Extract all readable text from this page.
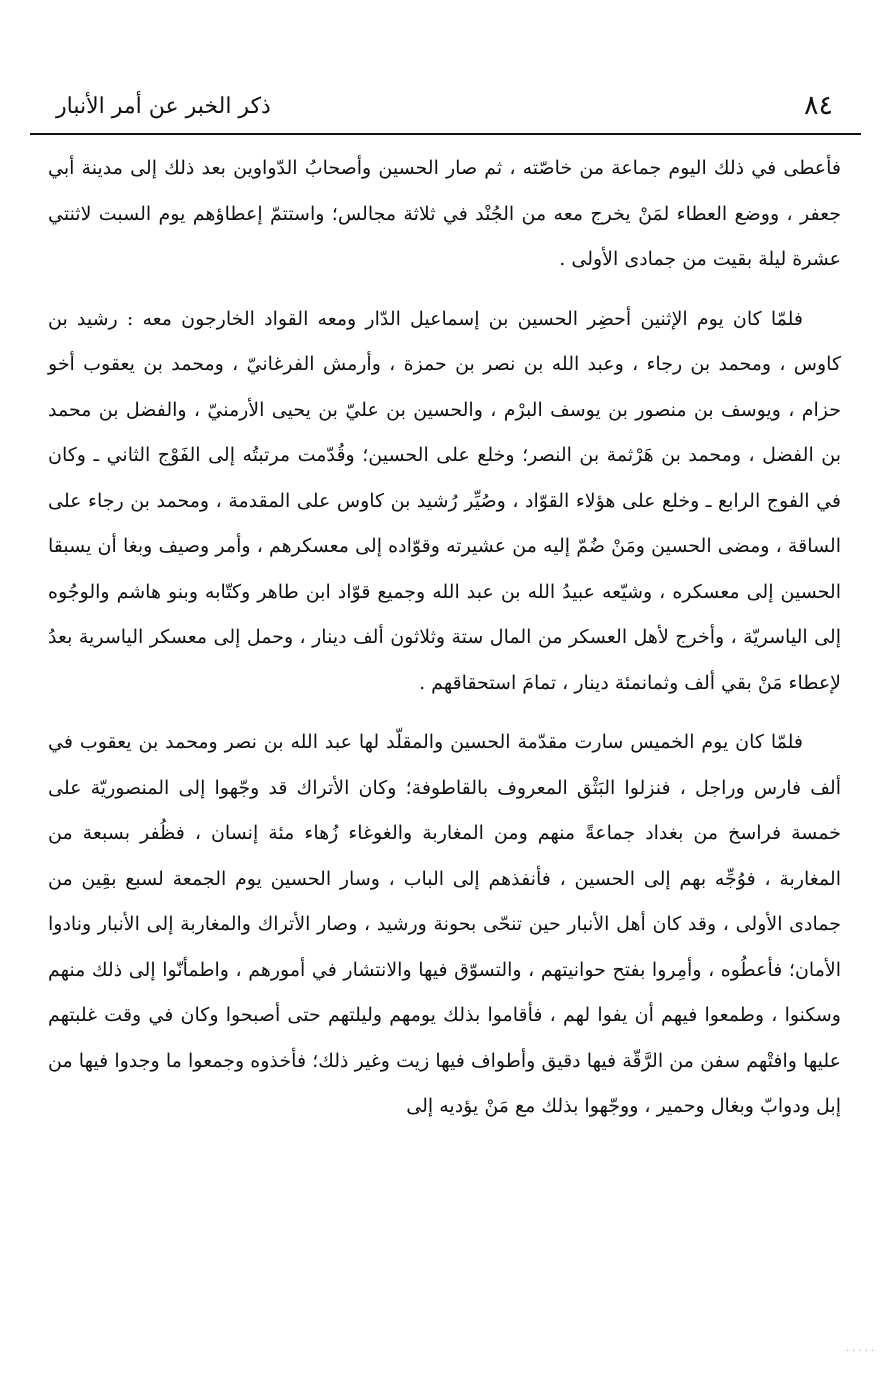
٨٤
ذكر الخبر عن أمر الأنبار

فأعطى في ذلك اليوم جماعة من خاصّته ، ثم صار الحسين وأصحابُ الدّواوين بعد ذلك إلى مدينة أبي جعفر ، ووضع العطاء لمَنْ يخرج معه من الجُنْد في ثلاثة مجالس؛ واستتمّ إعطاؤهم يوم السبت لاثنتي عشرة ليلة بقيت من جمادى الأولى .

فلمّا كان يوم الإثنين أحضِر الحسين بن إسماعيل الدّار ومعه القواد الخارجون معه : رشيد بن كاوس ، ومحمد بن رجاء ، وعبد الله بن نصر بن حمزة ، وأرمش الفرغانيّ ، ومحمد بن يعقوب أخو حزام ، ويوسف بن منصور بن يوسف البرْم ، والحسين بن عليّ بن يحيى الأرمنيّ ، والفضل بن محمد بن الفضل ، ومحمد بن هَرْثمة بن النصر؛ وخلع على الحسين؛ وقُدّمت مرتبتُه إلى الفَوْج الثاني ـ وكان في الفوج الرابع ـ وخلع على هؤلاء القوّاد ، وصُيِّر رُشيد بن كاوس على المقدمة ، ومحمد بن رجاء على الساقة ، ومضى الحسين ومَنْ ضُمّ إليه من عشيرته وقوّاده إلى معسكرهم ، وأمر وصيف وبغا أن يسبقا الحسين إلى معسكره ، وشيّعه عبيدُ الله بن عبد الله وجميع قوّاد ابن طاهر وكتّابه وبنو هاشم والوجُوه إلى الياسريّة ، وأخرج لأهل العسكر من المال ستة وثلاثون ألف دينار ، وحمل إلى معسكر الياسرية بعدُ لإعطاء مَنْ بقي ألف وثمانمئة دينار ، تمامَ استحقاقهم .

فلمّا كان يوم الخميس سارت مقدّمة الحسين والمقلّد لها عبد الله بن نصر ومحمد بن يعقوب في ألف فارس وراجل ، فنزلوا البَثْق المعروف بالقاطوفة؛ وكان الأتراك قد وجّهوا إلى المنصوريّة على خمسة فراسخ من بغداد جماعةً منهم ومن المغاربة والغوغاء زُهاء مئة إنسان ، فظُفر بسبعة من المغاربة ، فوُجِّه بهم إلى الحسين ، فأنفذهم إلى الباب ، وسار الحسين يوم الجمعة لسبع بقِين من جمادى الأولى ، وقد كان أهل الأنبار حين تنحّى بحونة ورشيد ، وصار الأتراك والمغاربة إلى الأنبار ونادوا الأمان؛ فأعطُوه ، وأمِروا بفتح حوانيتهم ، والتسوّق فيها والانتشار في أمورهم ، واطمأنّوا إلى ذلك منهم وسكنوا ، وطمعوا فيهم أن يفوا لهم ، فأقاموا بذلك يومهم وليلتهم حتى أصبحوا وكان في وقت غلبتهم عليها وافتْهم سفن من الرَّقّة فيها دقيق وأطواف فيها زيت وغير ذلك؛ فأخذوه وجمعوا ما وجدوا فيها من إبل ودوابّ وبغال وحمير ، ووجّهوا بذلك مع مَنْ يؤديه إلى

·····
